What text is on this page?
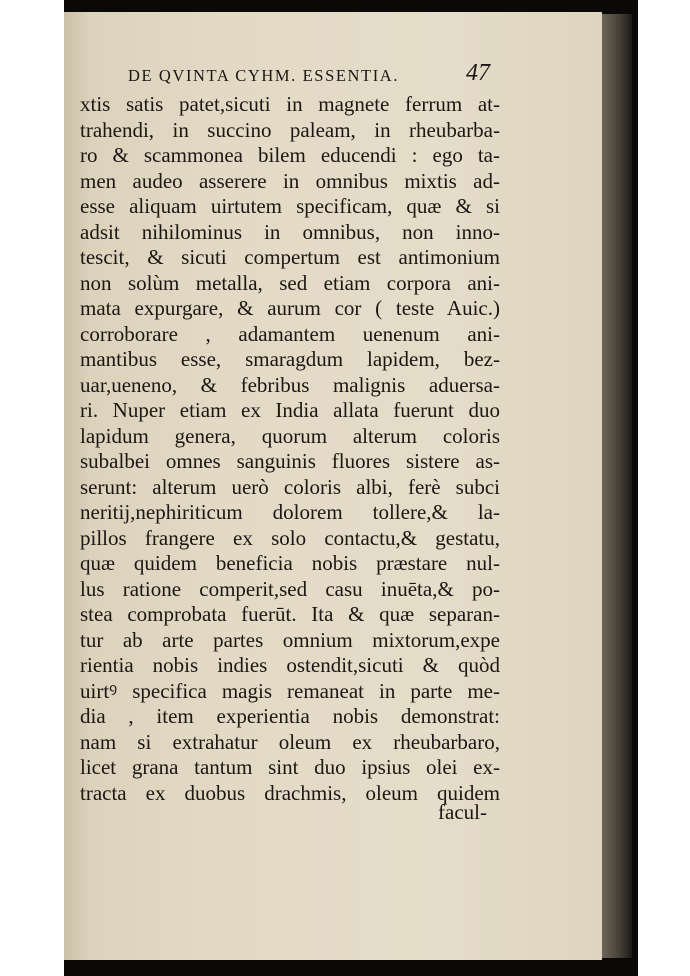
DE QVINTA CYHM. ESSENTIA.	47
xtis satis patet,sicuti in magnete ferrum at-
trahendi, in succino paleam, in rheubarba-
ro & scammonea bilem educendi : ego ta-
men audeo asserere in omnibus mixtis ad-
esse aliquam uirtutem specificam, quæ & si
adsit nihilominus in omnibus, non inno-
tescit, & sicuti compertum est antimonium
non solùm metalla, sed etiam corpora ani-
mata expurgare, & aurum cor ( teste Auic.)
corroborare , adamantem uenenum ani-
mantibus esse, smaragdum lapidem, bez-
uar,ueneno, & febribus malignis aduersa-
ri. Nuper etiam ex India allata fuerunt duo
lapidum genera, quorum alterum coloris
subalbei omnes sanguinis fluores sistere as-
serunt: alterum uerò coloris albi, ferè subci
neritij,nephiriticum dolorem tollere,& la-
pillos frangere ex solo contactu,& gestatu,
quæ quidem beneficia nobis præstare nul-
lus ratione comperit,sed casu inuēta,& po-
stea comprobata fuerūt. Ita & quæ separan-
tur ab arte partes omnium mixtorum,expe
rientia nobis indies ostendit,sicuti & quòd
uirtꝰ specifica magis remaneat in parte me-
dia , item experientia nobis demonstrat:
nam si extrahatur oleum ex rheubarbaro,
licet grana tantum sint duo ipsius olei ex-
tracta ex duobus drachmis, oleum quidem
facul-
